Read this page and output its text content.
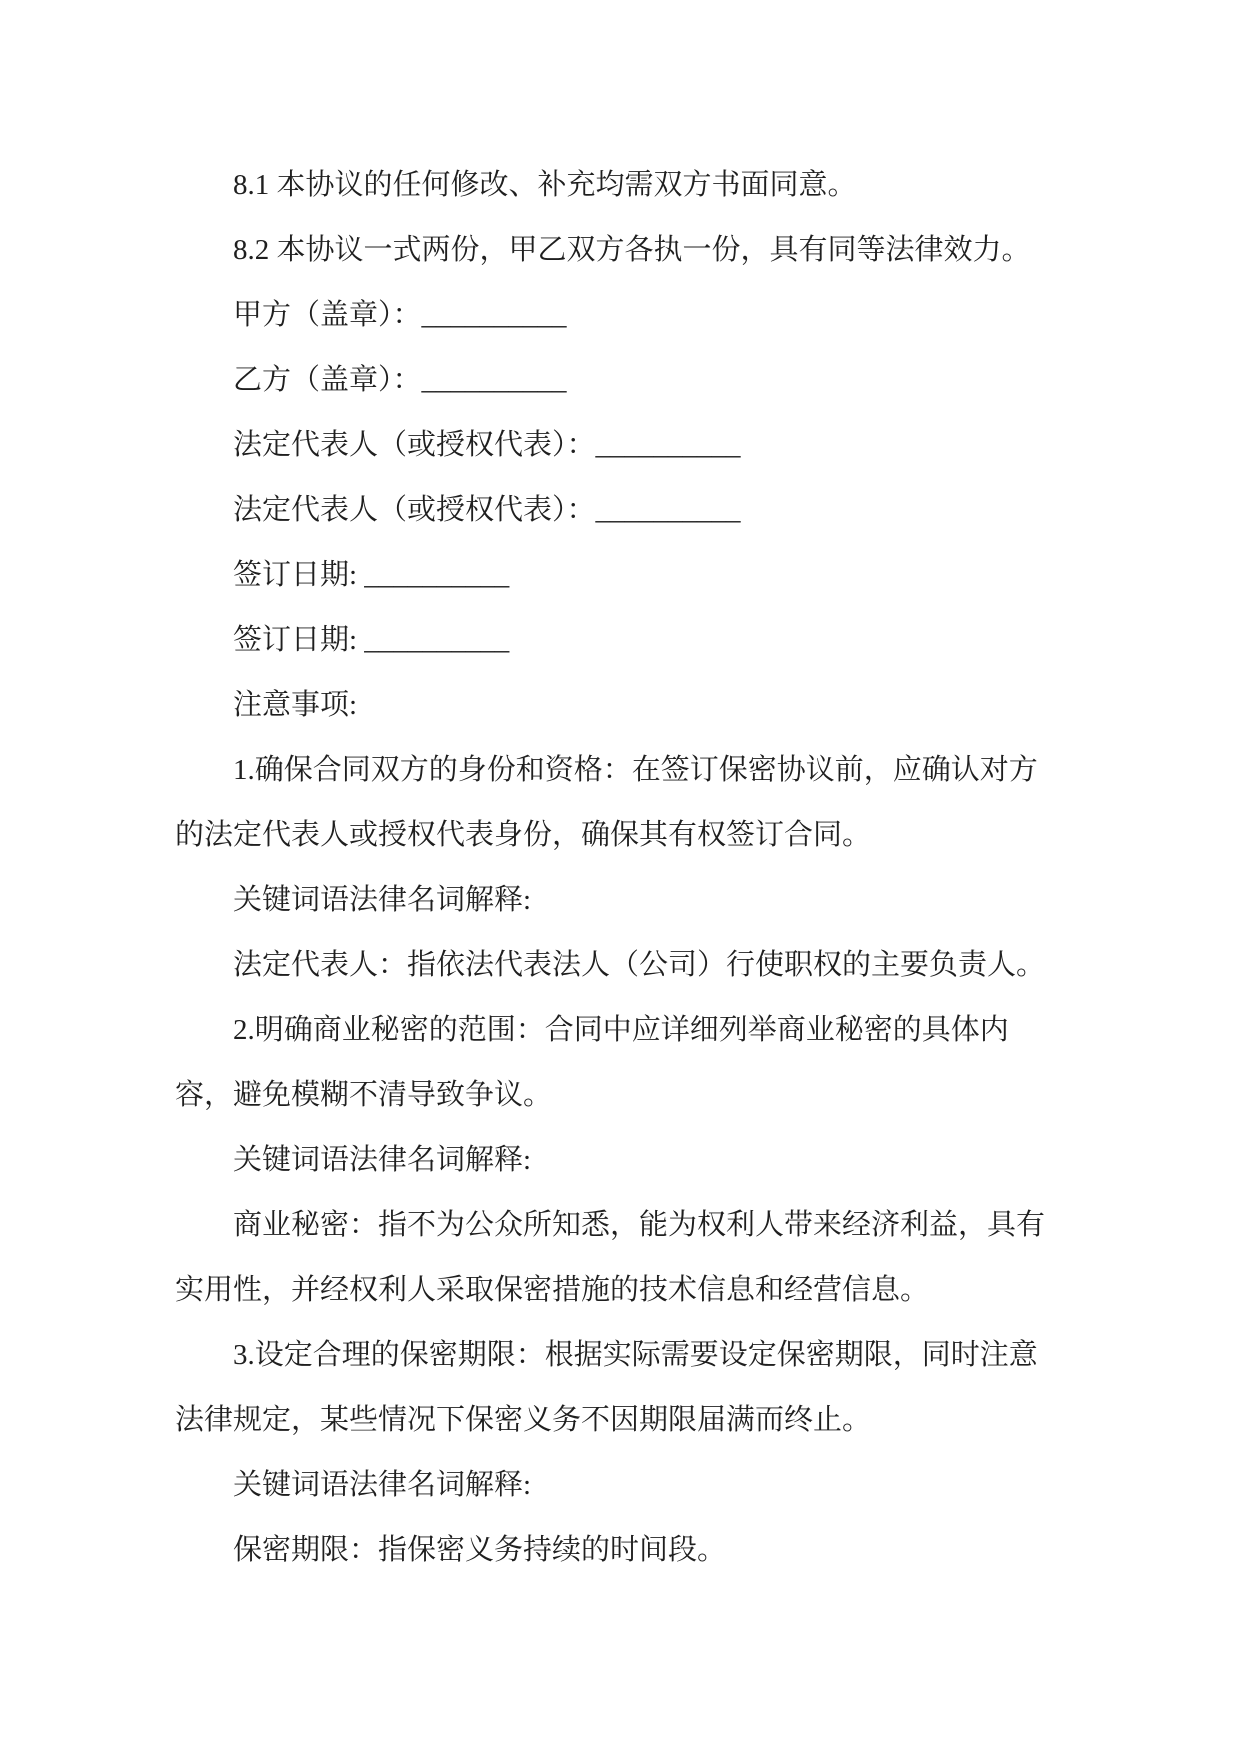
8.1 本协议的任何修改、补充均需双方书面同意。

8.2 本协议一式两份，甲乙双方各执一份，具有同等法律效力。

甲方（盖章）：__________

乙方（盖章）：__________

法定代表人（或授权代表）：__________

法定代表人（或授权代表）：__________

签订日期: __________

签订日期: __________

注意事项:

1.确保合同双方的身份和资格：在签订保密协议前，应确认对方

的法定代表人或授权代表身份，确保其有权签订合同。

关键词语法律名词解释:

法定代表人：指依法代表法人（公司）行使职权的主要负责人。

2.明确商业秘密的范围：合同中应详细列举商业秘密的具体内

容，避免模糊不清导致争议。

关键词语法律名词解释:

商业秘密：指不为公众所知悉，能为权利人带来经济利益，具有

实用性，并经权利人采取保密措施的技术信息和经营信息。

3.设定合理的保密期限：根据实际需要设定保密期限，同时注意

法律规定，某些情况下保密义务不因期限届满而终止。

关键词语法律名词解释:

保密期限：指保密义务持续的时间段。
